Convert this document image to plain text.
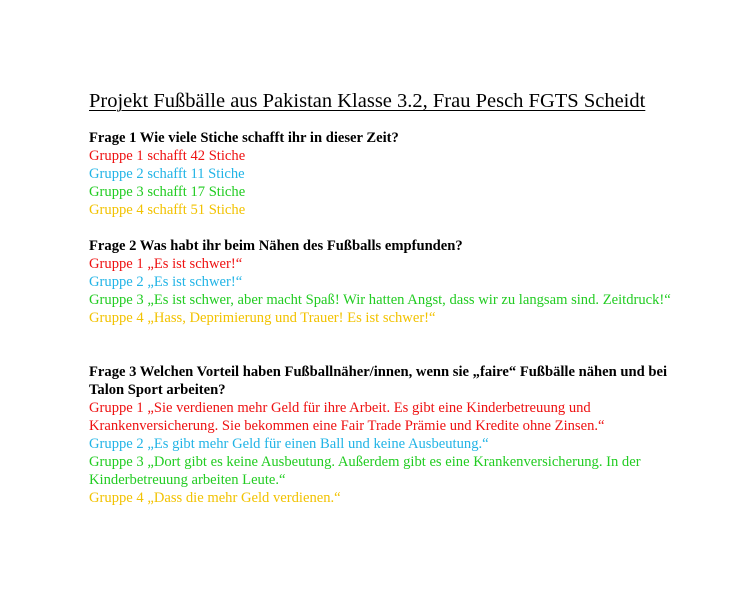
Projekt Fußbälle aus Pakistan Klasse 3.2, Frau Pesch FGTS Scheidt

Frage 1 Wie viele Stiche schafft ihr in dieser Zeit?

Gruppe 1 schafft 42 Stiche

Gruppe 2 schafft 11 Stiche

Gruppe 3 schafft 17 Stiche

Gruppe 4 schafft 51 Stiche

Frage 2 Was habt ihr beim Nähen des Fußballs empfunden?

Gruppe 1 „Es ist schwer!“

Gruppe 2 „Es ist schwer!“

Gruppe 3 „Es ist schwer, aber macht Spaß! Wir hatten Angst, dass wir zu langsam sind. Zeitdruck!“

Gruppe 4 „Hass, Deprimierung und Trauer! Es ist schwer!“

Frage 3 Welchen Vorteil haben Fußballnäher/innen, wenn sie „faire“ Fußbälle nähen und bei Talon Sport arbeiten?

Gruppe 1 „Sie verdienen mehr Geld für ihre Arbeit. Es gibt eine Kinderbetreuung und Krankenversicherung. Sie bekommen eine Fair Trade Prämie und Kredite ohne Zinsen.“

Gruppe 2 „Es gibt mehr Geld für einen Ball und keine Ausbeutung.“

Gruppe 3 „Dort gibt es keine Ausbeutung. Außerdem gibt es eine Krankenversicherung. In der Kinderbetreuung arbeiten Leute.“

Gruppe 4 „Dass die mehr Geld verdienen.“
